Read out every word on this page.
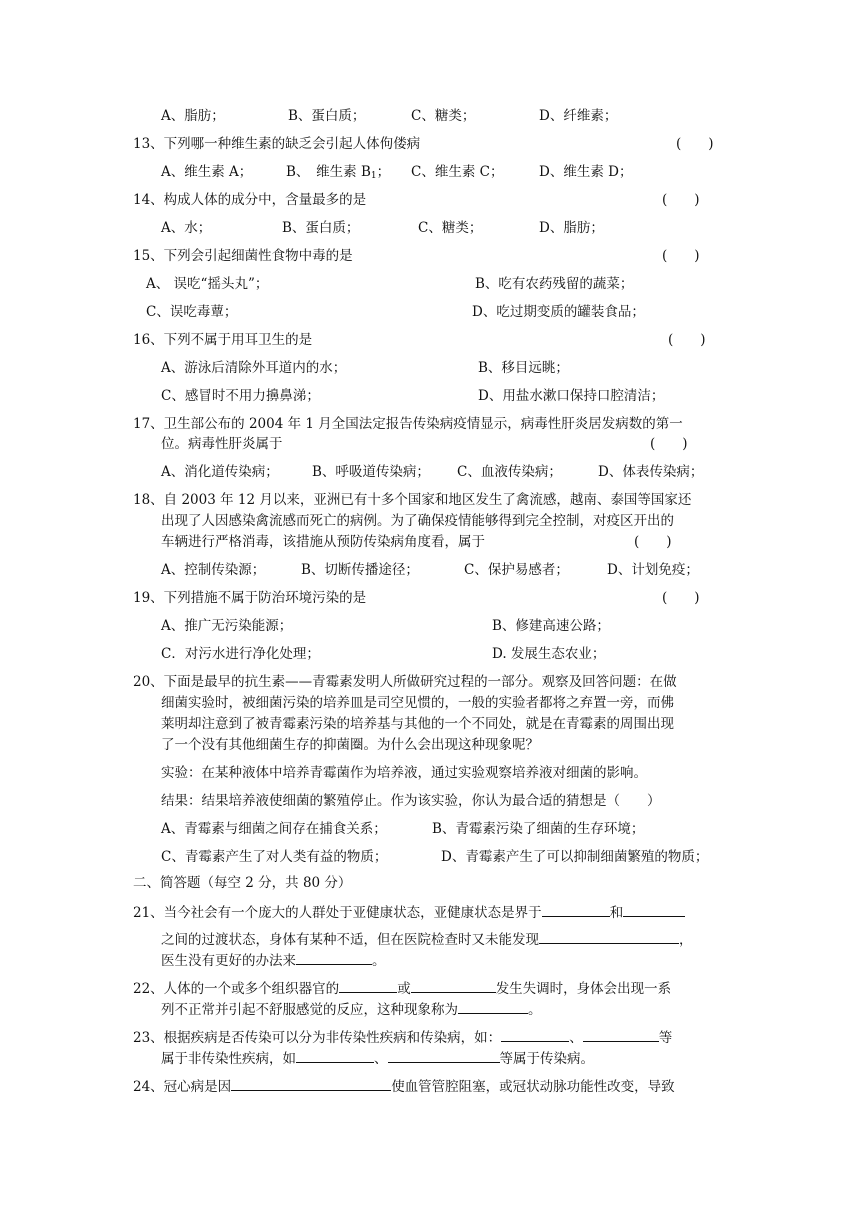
A、脂肪；	B、蛋白质；	C、糖类；	D、纤维素；
13、下列哪一种维生素的缺乏会引起人体佝偻病	(　　)
A、维生素 A； B、　维生素 $B_1$； C、维生素 C；	D、维生素 D；
14、构成人体的成分中，含量最多的是	(　　)
A、水；	B、蛋白质；	C、糖类；	D、脂肪；
15、下列会引起细菌性食物中毒的是	(　　)
A、 误吃“摇头丸”；	B、吃有农药残留的蔬菜；
C、误吃毒蕈；	D、吃过期变质的罐装食品；
16、下列不属于用耳卫生的是	(　　)
A、游泳后清除外耳道内的水；	B、移目远眺；
C、感冒时不用力擤鼻涕；	D、用盐水漱口保持口腔清洁；
17、卫生部公布的 2004 年 1 月全国法定报告传染病疫情显示，病毒性肝炎居发病数的第一
位。病毒性肝炎属于	(　　)
A、消化道传染病； B、呼吸道传染病； C、血液传染病；	D、体表传染病；
18、自 2003 年 12 月以来，亚洲已有十多个国家和地区发生了禽流感，越南、泰国等国家还
出现了人因感染禽流感而死亡的病例。为了确保疫情能够得到完全控制，对疫区开出的
车辆进行严格消毒，该措施从预防传染病角度看，属于	(　　)
A、控制传染源；	B、切断传播途径；	C、保护易感者；	D、计划免疫；
19、下列措施不属于防治环境污染的是	(　　)
A、推广无污染能源；	B、修建高速公路；
C．对污水进行净化处理；	D. 发展生态农业；
20、下面是最早的抗生素——青霉素发明人所做研究过程的一部分。观察及回答问题：在做
细菌实验时，被细菌污染的培养皿是司空见惯的，一般的实验者都将之弃置一旁，而佛
莱明却注意到了被青霉素污染的培养基与其他的一个不同处，就是在青霉素的周围出现
了一个没有其他细菌生存的抑菌圈。为什么会出现这种现象呢？
实验：在某种液体中培养青霉菌作为培养液，通过实验观察培养液对细菌的影响。
结果：结果培养液使细菌的繁殖停止。作为该实验，你认为最合适的猜想是（　　）
A、青霉素与细菌之间存在捕食关系；	B、青霉素污染了细菌的生存环境；
C、青霉素产生了对人类有益的物质；	D、青霉素产生了可以抑制细菌繁殖的物质；
二、简答题（每空 2 分，共 80 分）
21、当今社会有一个庞大的人群处于亚健康状态，亚健康状态是界于	和
之间的过渡状态，身体有某种不适，但在医院检查时又未能发现	，
医生没有更好的办法来	。
22、人体的一个或多个组织器官的	或	发生失调时，身体会出现一系
列不正常并引起不舒服感觉的反应，这种现象称为	。
23、根据疾病是否传染可以分为非传染性疾病和传染病，如：	、	等
属于非传染性疾病，如	、	等属于传染病。
24、冠心病是因	使血管管腔阻塞，或冠状动脉功能性改变，导致
